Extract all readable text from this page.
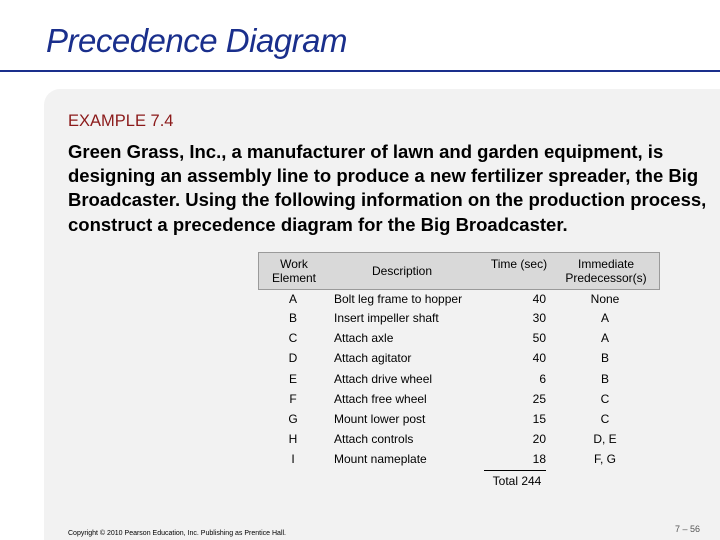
Precedence Diagram
EXAMPLE 7.4

Green Grass, Inc., a manufacturer of lawn and garden equipment, is designing an assembly line to produce a new fertilizer spreader, the Big Broadcaster. Using the following information on the production process, construct a precedence diagram for the Big Broadcaster.

Work Element	Description	Time (sec)	Immediate Predecessor(s)
A	Bolt leg frame to hopper	40	None
B	Insert impeller shaft	30	A
C	Attach axle	50	A
D	Attach agitator	40	B
E	Attach drive wheel	6	B
F	Attach free wheel	25	C
G	Mount lower post	15	C
H	Attach controls	20	D, E
I	Mount nameplate	18	F, G
Total 244
Copyright © 2010 Pearson Education, Inc. Publishing as Prentice Hall.	7 – 56
